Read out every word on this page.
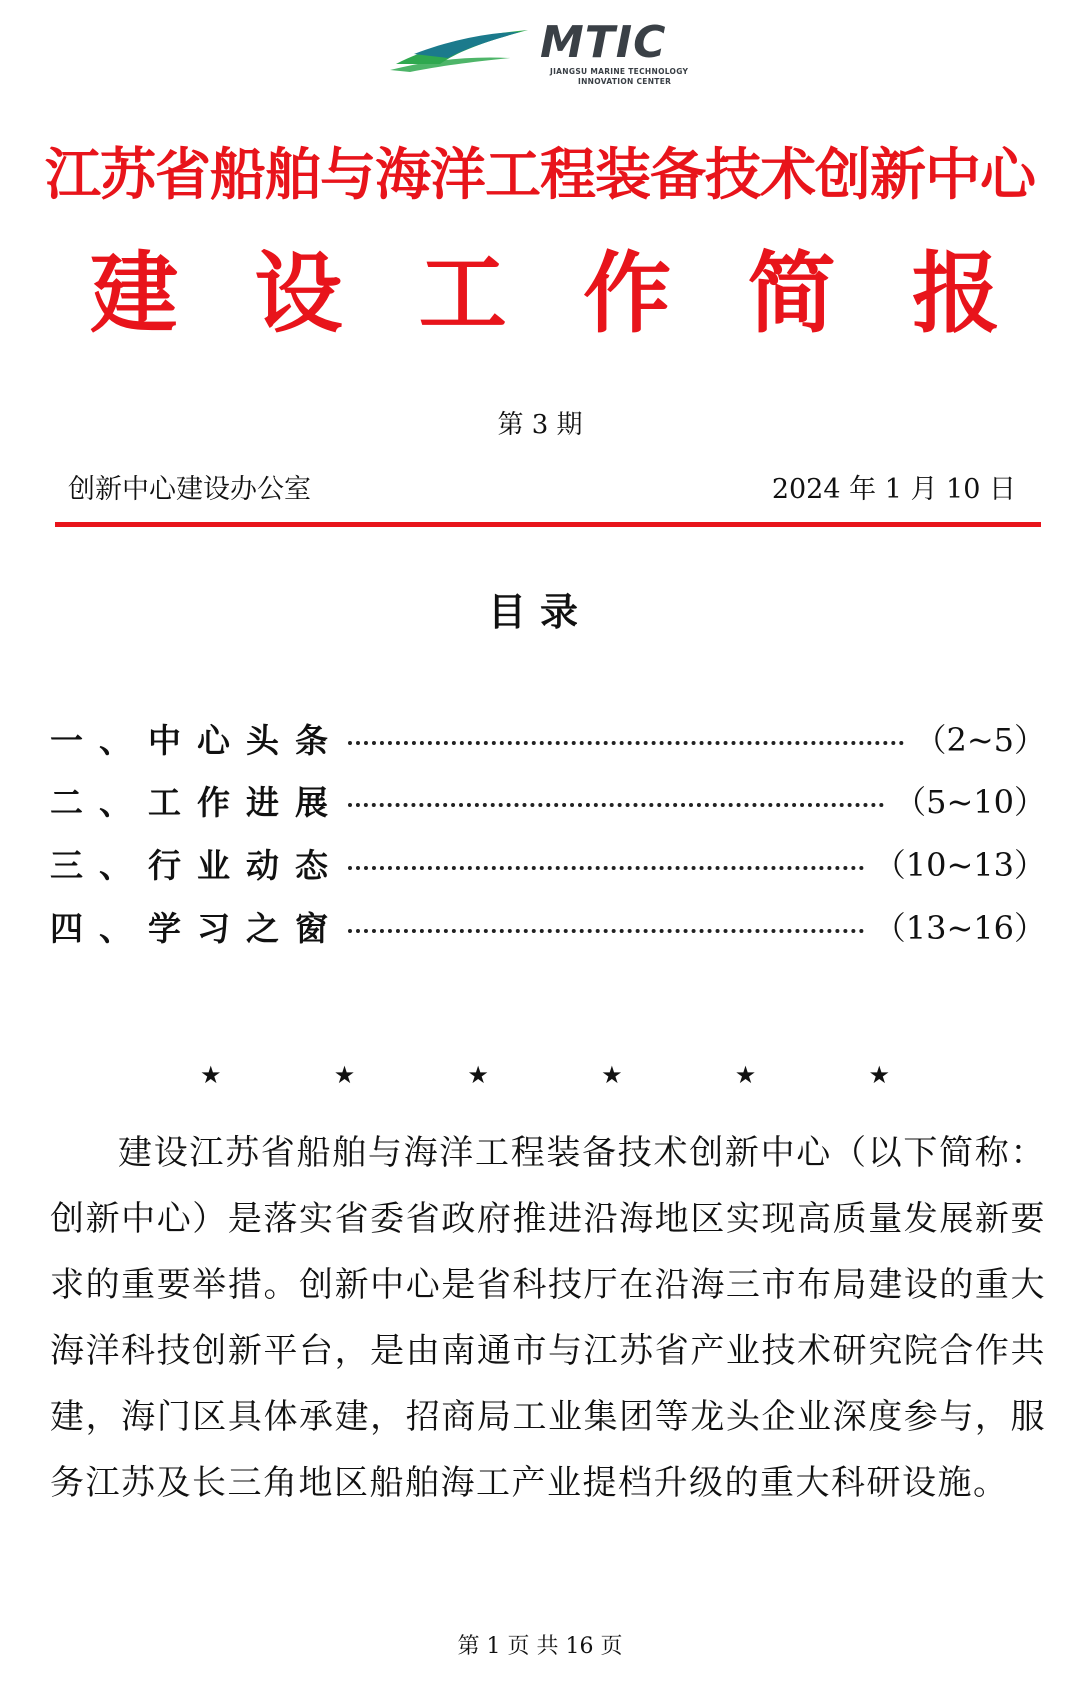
MTIC
JIANGSU MARINE TECHNOLOGY
INNOVATION CENTER
江苏省船舶与海洋工程装备技术创新中心
建 设 工 作 简 报
第 3 期
创新中心建设办公室	2024 年 1 月 10 日
目录
一、中心头条	（2~5）
二、工作进展	（5~10）
三、行业动态	（10~13）
四、学习之窗	（13~16）
★	★	★	★	★	★

建设江苏省船舶与海洋工程装备技术创新中心（以下简称：创新中心）是落实省委省政府推进沿海地区实现高质量发展新要求的重要举措。创新中心是省科技厅在沿海三市布局建设的重大海洋科技创新平台，是由南通市与江苏省产业技术研究院合作共建，海门区具体承建，招商局工业集团等龙头企业深度参与，服务江苏及长三角地区船舶海工产业提档升级的重大科研设施。

第 1 页 共 16 页
